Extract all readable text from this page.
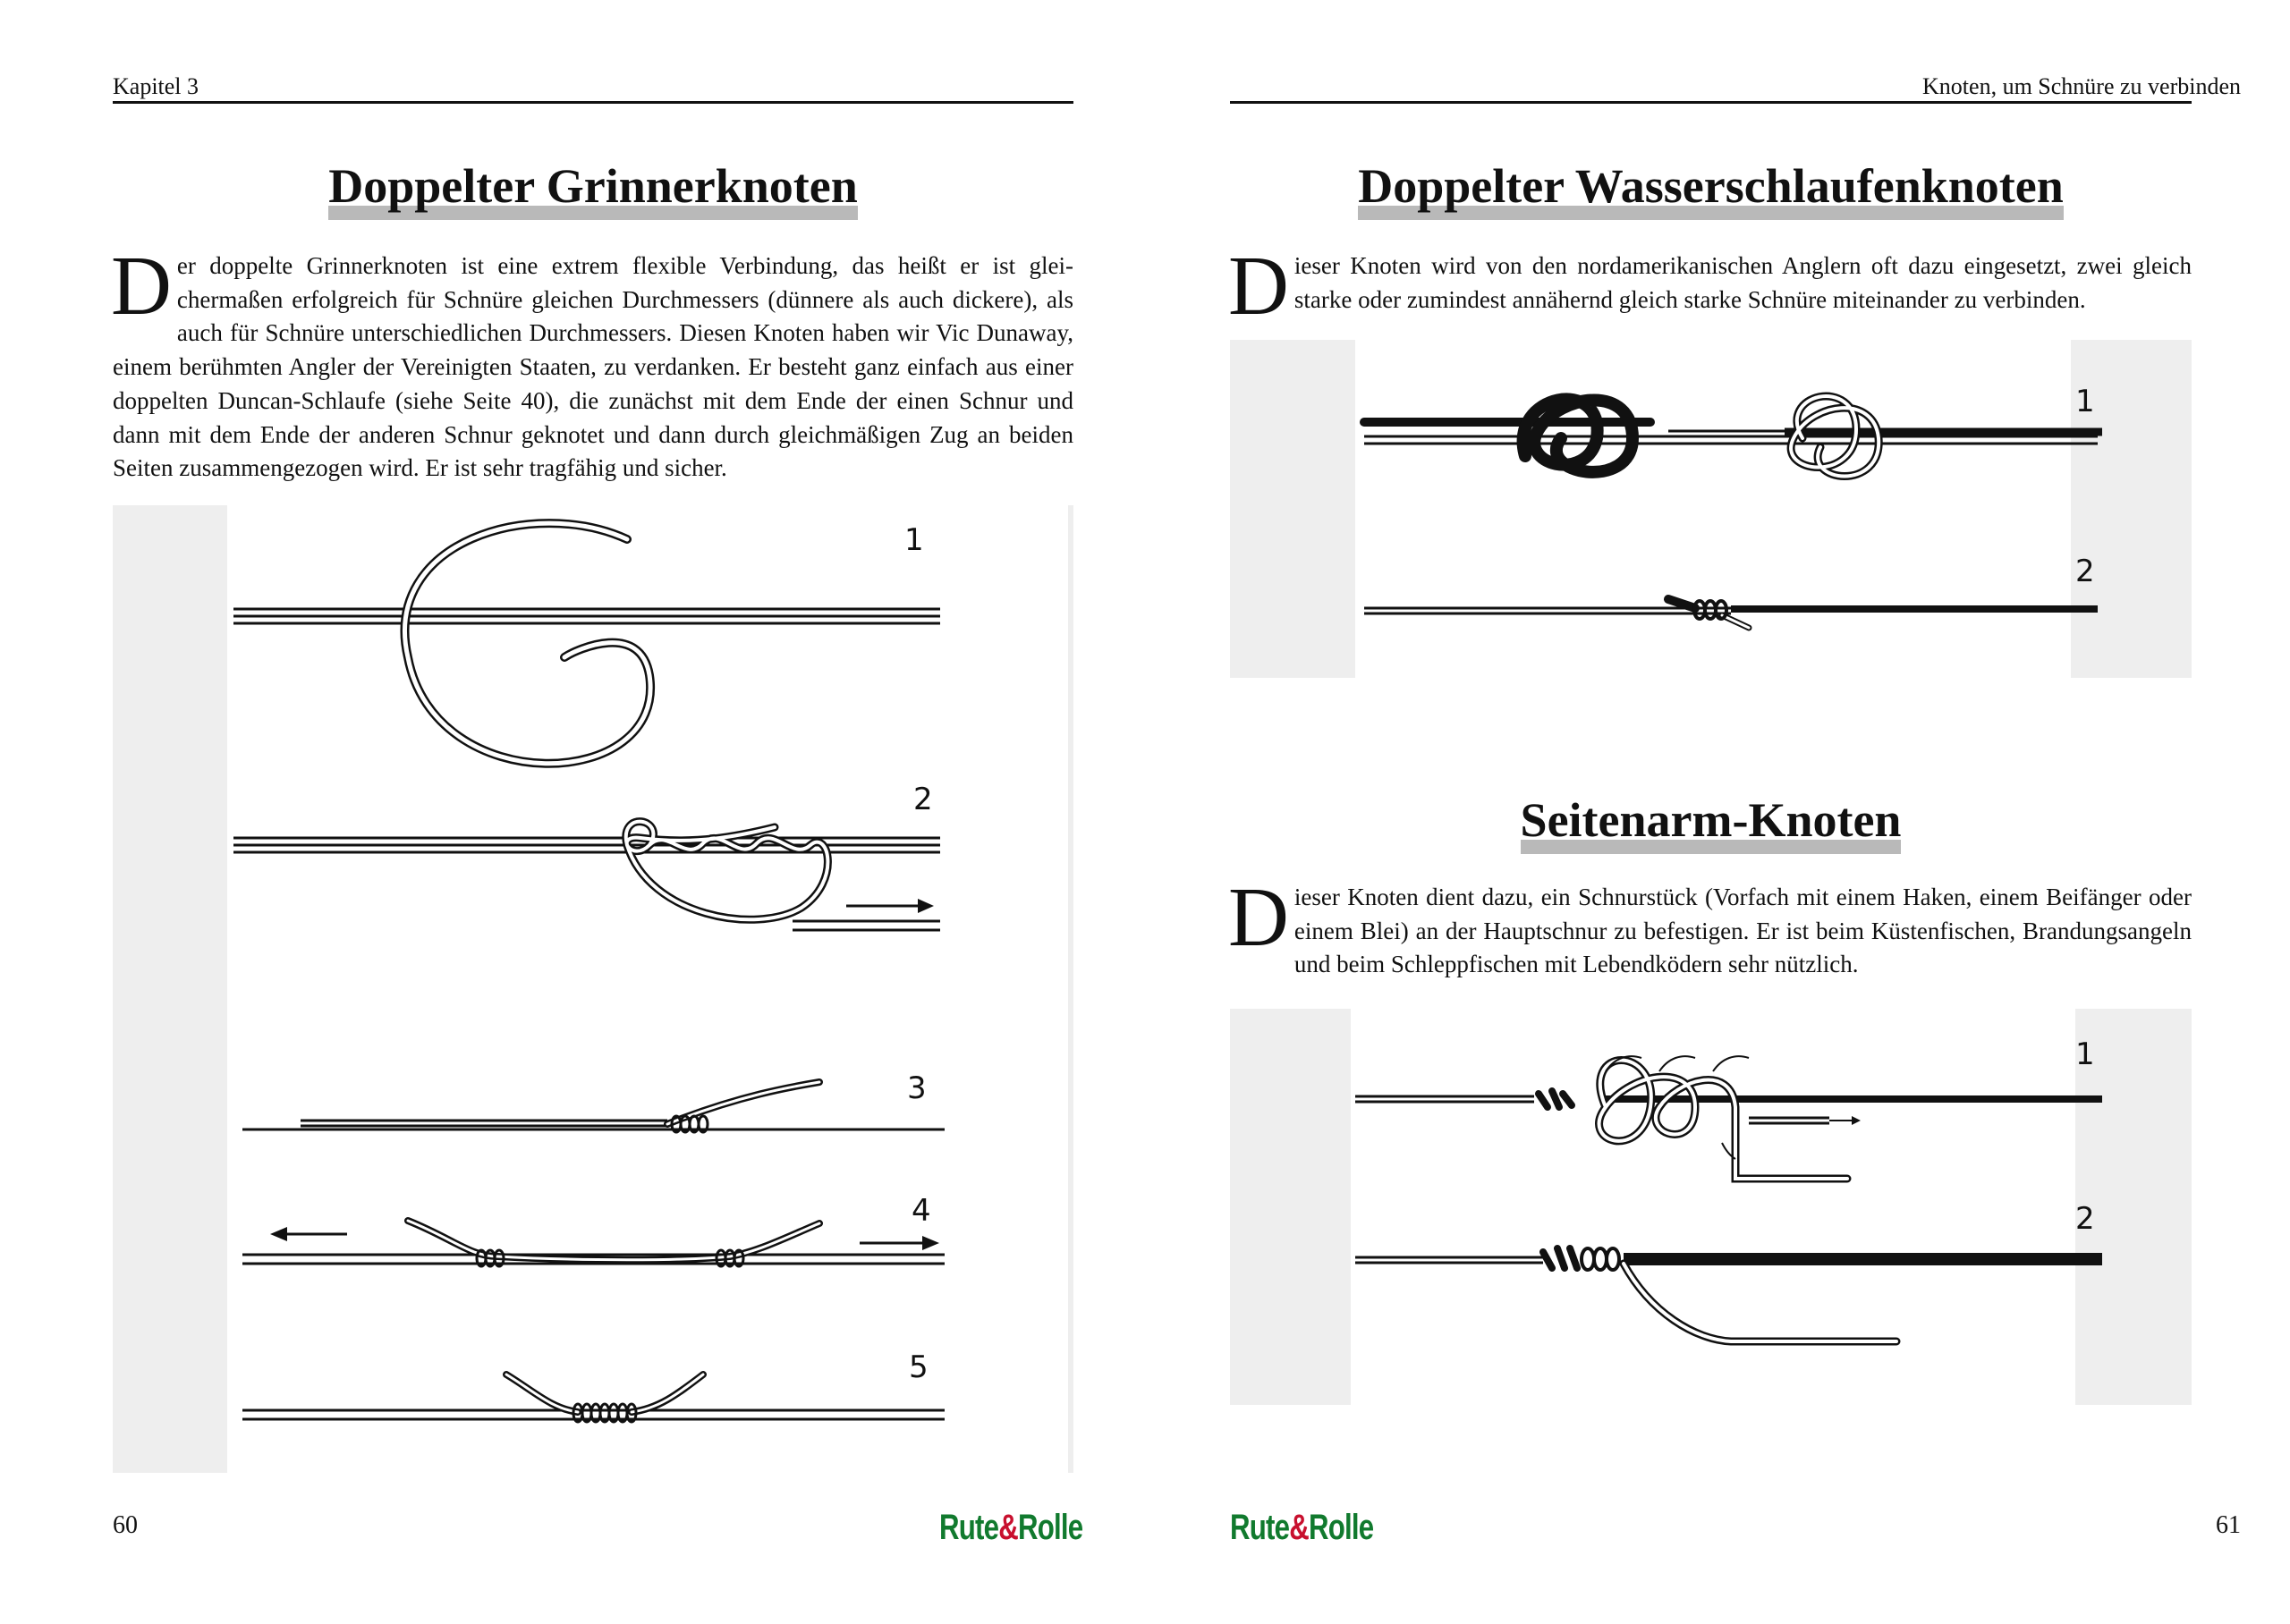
Kapitel 3
Doppelter Grinnerknoten
Der doppelte Grinnerknoten ist eine extrem flexible Verbindung, das heißt er ist gleichermaßen erfolgreich für Schnüre gleichen Durchmessers (dünnere als auch dickere), als auch für Schnüre unterschiedlichen Durchmessers. Diesen Knoten haben wir Vic Dunaway, einem berühmten Angler der Vereinigten Staaten, zu verdanken. Er besteht ganz einfach aus einer doppelten Duncan-Schlaufe (siehe Seite 40), die zunächst mit dem Ende der einen Schnur und dann mit dem Ende der anderen Schnur geknotet und dann durch gleichmäßigen Zug an beiden Seiten zusammengezogen wird. Er ist sehr tragfähig und sicher.
1
2
3
4
5
60	Rute&Rolle
Knoten, um Schnüre zu verbinden
Doppelter Wasserschlaufenknoten
Dieser Knoten wird von den nordamerikanischen Anglern oft dazu eingesetzt, zwei gleich starke oder zumindest annähernd gleich starke Schnüre miteinander zu verbinden.
1
2
Seitenarm-Knoten
Dieser Knoten dient dazu, ein Schnurstück (Vorfach mit einem Haken, einem Beifänger oder einem Blei) an der Hauptschnur zu befestigen. Er ist beim Küstenfischen, Brandungsangeln und beim Schleppfischen mit Lebendködern sehr nützlich.
1
2
Rute&Rolle	61
